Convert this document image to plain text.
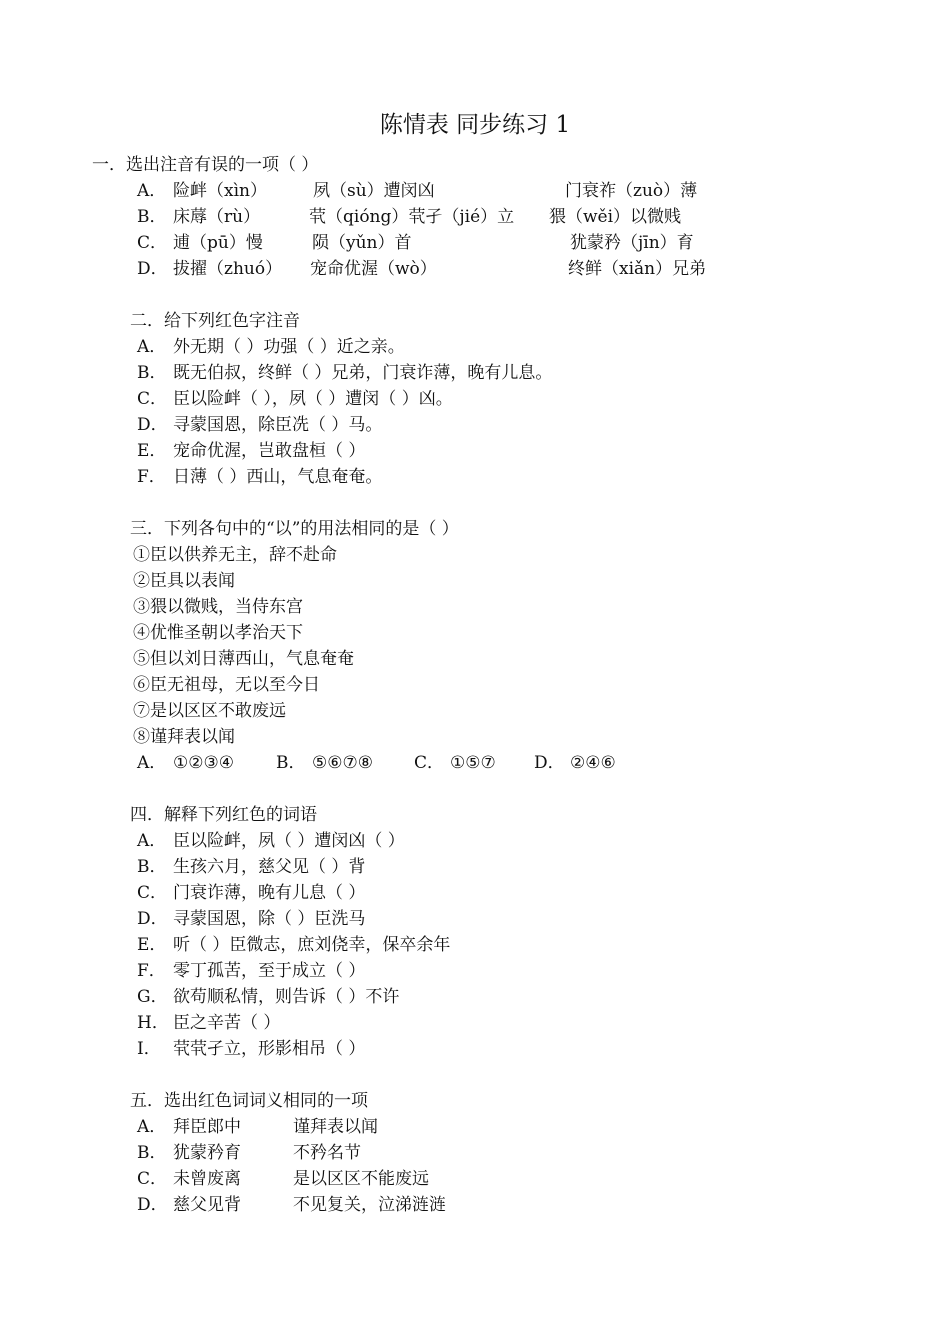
陈情表 同步练习 1
一．选出注音有误的一项（ ）
A． 险衅（xìn）	夙（sù）遭闵凶	门衰祚（zuò）薄
B． 床蓐（rù）	茕（qióng）茕孑（jié）立 猥（wěi）以微贱
C． 逋（pū）慢	陨（yǔn）首	犹蒙矜（jīn）育
D． 拔擢（zhuó） 宠命优渥（wò）	终鲜（xiǎn）兄弟
二．给下列红色字注音
A． 外无期（ ）功强（ ）近之亲。
B． 既无伯叔，终鲜（ ）兄弟，门衰诈薄，晚有儿息。
C． 臣以险衅（ ），夙（ ）遭闵（ ）凶。
D． 寻蒙国恩，除臣冼（ ）马。
E． 宠命优渥，岂敢盘桓（ ）
F． 日薄（ ）西山，气息奄奄。
三．下列各句中的“以”的用法相同的是（ ）
①臣以供养无主，辞不赴命
②臣具以表闻
③猥以微贱，当侍东宫
④优惟圣朝以孝治天下
⑤但以刘日薄西山，气息奄奄
⑥臣无祖母，无以至今日
⑦是以区区不敢废远
⑧谨拜表以闻
A． ①②③④ B． ⑤⑥⑦⑧ C． ①⑤⑦ D． ②④⑥
四．解释下列红色的词语
A． 臣以险衅，夙（ ）遭闵凶（ ）
B． 生孩六月，慈父见（ ）背
C． 门衰诈薄，晚有儿息（ ）
D． 寻蒙国恩，除（ ）臣洗马
E． 听（ ）臣微志，庶刘侥幸，保卒余年
F． 零丁孤苦，至于成立（ ）
G． 欲苟顺私情，则告诉（ ）不许
H． 臣之辛苦（ ）
I． 茕茕孑立，形影相吊（ ）
五．选出红色词词义相同的一项
A． 拜臣郎中	谨拜表以闻
B． 犹蒙矜育	不矜名节
C． 未曾废离	是以区区不能废远
D． 慈父见背	不见复关，泣涕涟涟
